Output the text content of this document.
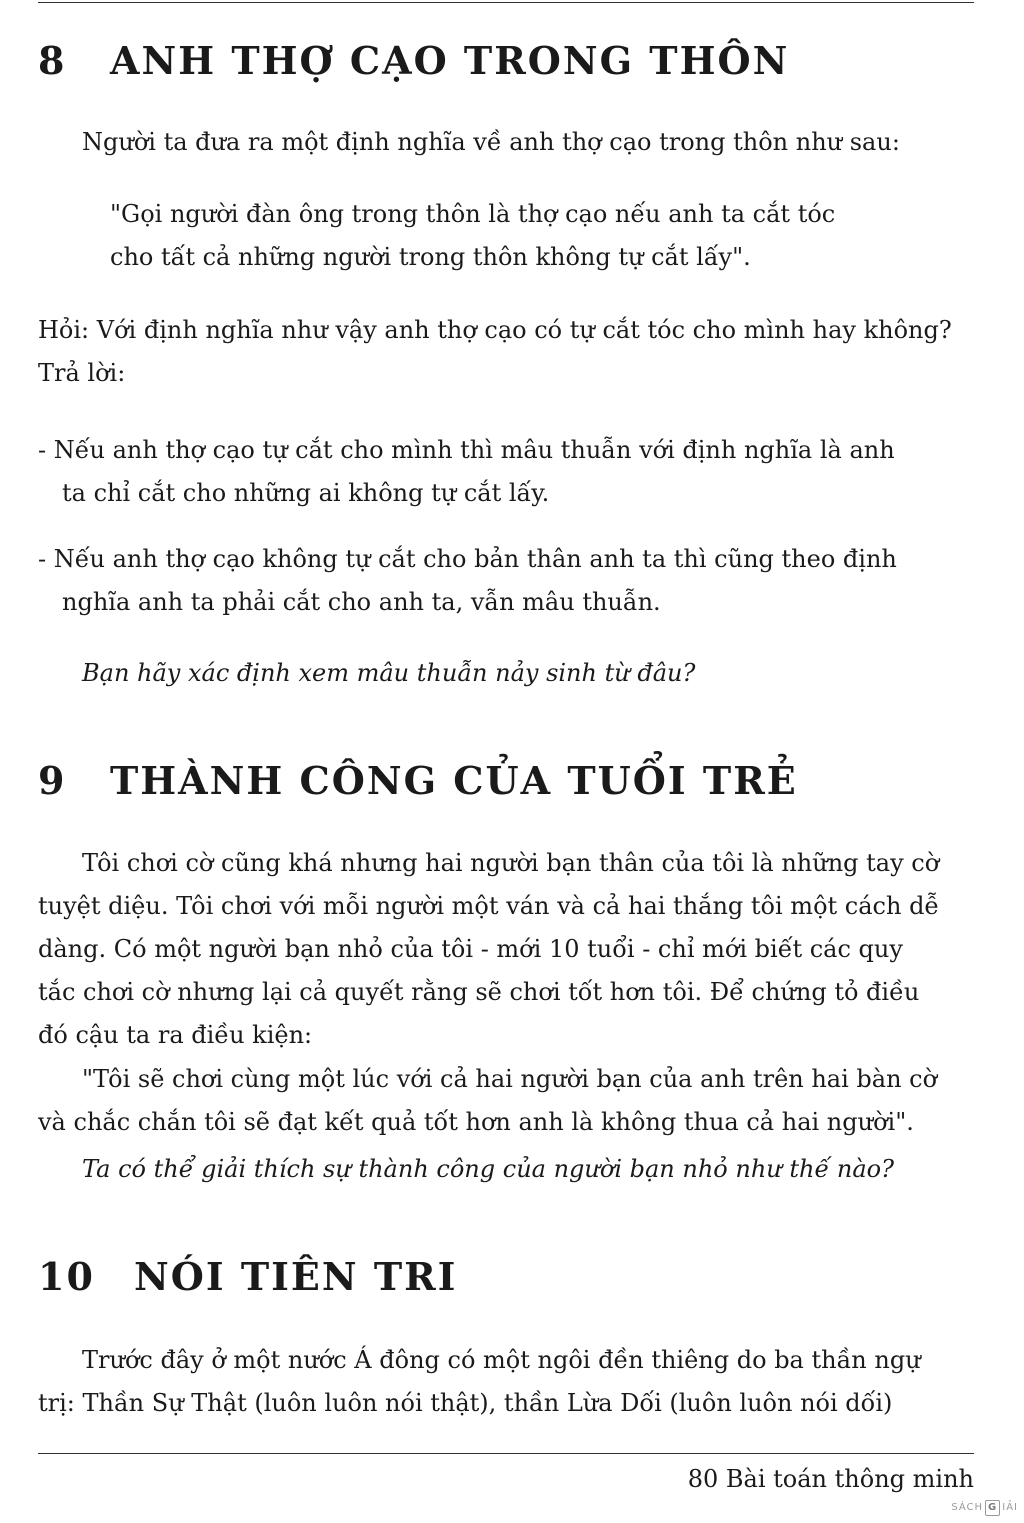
8 ANH THỢ CẠO TRONG THÔN

Người ta đưa ra một định nghĩa về anh thợ cạo trong thôn như sau:

"Gọi người đàn ông trong thôn là thợ cạo nếu anh ta cắt tóc
cho tất cả những người trong thôn không tự cắt lấy".

Hỏi: Với định nghĩa như vậy anh thợ cạo có tự cắt tóc cho mình hay không?
Trả lời:

- Nếu anh thợ cạo tự cắt cho mình thì mâu thuẫn với định nghĩa là anh
ta chỉ cắt cho những ai không tự cắt lấy.

- Nếu anh thợ cạo không tự cắt cho bản thân anh ta thì cũng theo định
nghĩa anh ta phải cắt cho anh ta, vẫn mâu thuẫn.

Bạn hãy xác định xem mâu thuẫn nảy sinh từ đâu?

9 THÀNH CÔNG CỦA TUỔI TRẺ

Tôi chơi cờ cũng khá nhưng hai người bạn thân của tôi là những tay cờ
tuyệt diệu. Tôi chơi với mỗi người một ván và cả hai thắng tôi một cách dễ
dàng. Có một người bạn nhỏ của tôi - mới 10 tuổi - chỉ mới biết các quy
tắc chơi cờ nhưng lại cả quyết rằng sẽ chơi tốt hơn tôi. Để chứng tỏ điều
đó cậu ta ra điều kiện:

"Tôi sẽ chơi cùng một lúc với cả hai người bạn của anh trên hai bàn cờ
và chắc chắn tôi sẽ đạt kết quả tốt hơn anh là không thua cả hai người".

Ta có thể giải thích sự thành công của người bạn nhỏ như thế nào?

10 NÓI TIÊN TRI

Trước đây ở một nước Á đông có một ngôi đền thiêng do ba thần ngự
trị: Thần Sự Thật (luôn luôn nói thật), thần Lừa Dối (luôn luôn nói dối)

80 Bài toán thông minh
SÁCH G IẢI
